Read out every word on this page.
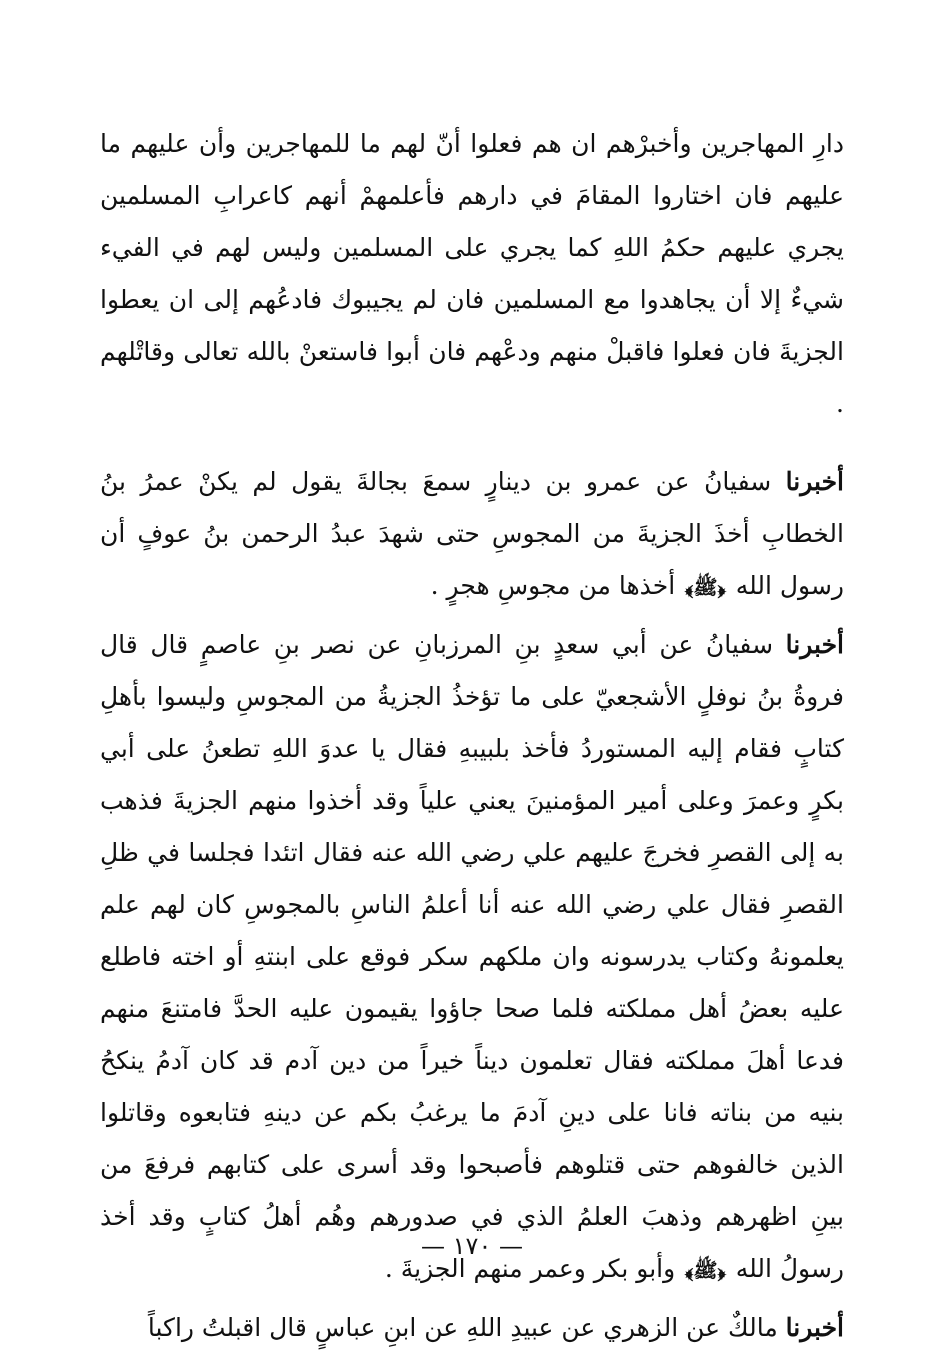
دارِ المهاجرين وأخبرْهم ان هم فعلوا أنّ لهم ما للمهاجرين وأن عليهم ما عليهم فان اختاروا المقامَ في دارهم فأعلمهمْ أنهم كاعرابِ المسلمين يجري عليهم حكمُ اللهِ كما يجري على المسلمين وليس لهم في الفيء شيءٌ إلا أن يجاهدوا مع المسلمين فان لم يجيبوك فادعُهم إلى ان يعطوا الجزيةَ فان فعلوا فاقبلْ منهم ودعْهم فان أبوا فاستعنْ بالله تعالى وقاتْلهم .

أخبرنا سفيانُ عن عمرو بن دينارٍ سمعَ بجالةَ يقول لم يكنْ عمرُ بنُ الخطابِ أخذَ الجزيةَ من المجوسِ حتى شهدَ عبدُ الرحمن بنُ عوفٍ أن رسول الله ﴿ﷺ﴾ أخذها من مجوسِ هجرٍ .

أخبرنا سفيانُ عن أبي سعدٍ بنِ المرزبانِ عن نصر بنِ عاصمٍ قال قال فروةُ بنُ نوفلٍ الأشجعيّ على ما تؤخذُ الجزيةُ من المجوسِ وليسوا بأهلِ كتابٍ فقام إليه المستوردُ فأخذ بلبيبهِ فقال يا عدوَ اللهِ تطعنُ على أبي بكرٍ وعمرَ وعلى أمير المؤمنينَ يعني علياً وقد أخذوا منهم الجزيةَ فذهب به إلى القصرِ فخرجَ عليهم علي رضي الله عنه فقال اتئدا فجلسا في ظلِ القصرِ فقال علي رضي الله عنه أنا أعلمُ الناسِ بالمجوسِ كان لهم علم يعلمونهُ وكتاب يدرسونه وان ملكهم سكر فوقع على ابنتهِ أو اخته فاطلع عليه بعضُ أهل مملكته فلما صحا جاؤوا يقيمون عليه الحدَّ فامتنعَ منهم فدعا أهلَ مملكته فقال تعلمون ديناً خيراً من دين آدم قد كان آدمُ ينكحُ بنيه من بناته فانا على دينِ آدمَ ما يرغبُ بكم عن دينهِ فتابعوه وقاتلوا الذين خالفوهم حتى قتلوهم فأصبحوا وقد أسرى على كتابهم فرفعَ من بينِ اظهرهم وذهبَ العلمُ الذي في صدورهم وهُم أهلُ كتابٍ وقد أخذ رسولُ الله ﴿ﷺ﴾ وأبو بكر وعمر منهم الجزيةَ .

أخبرنا مالكٌ عن الزهري عن عبيدِ اللهِ عن ابنِ عباسٍ قال اقبلتُ راكباً

— ١٧٠ —
